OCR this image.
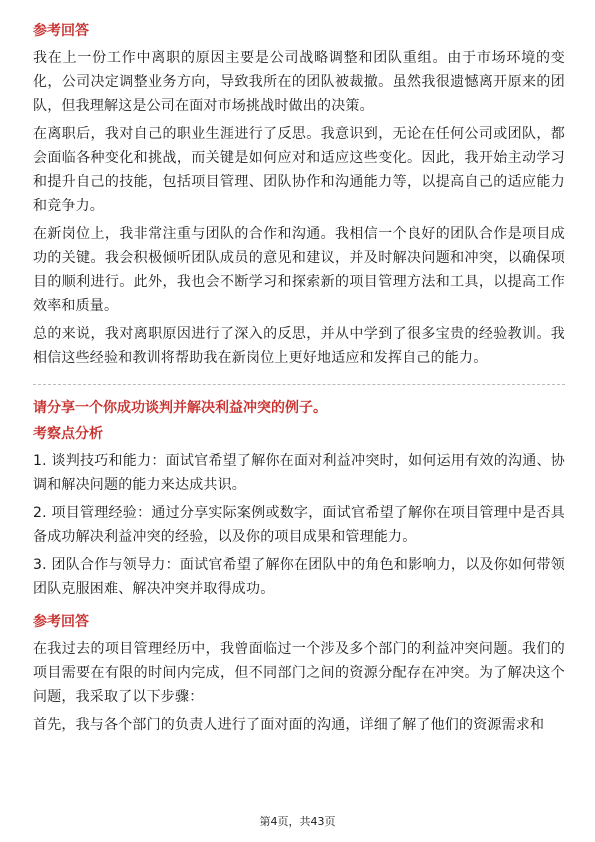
参考回答

我在上一份工作中离职的原因主要是公司战略调整和团队重组。由于市场环境的变化，公司决定调整业务方向，导致我所在的团队被裁撤。虽然我很遗憾离开原来的团队，但我理解这是公司在面对市场挑战时做出的决策。

在离职后，我对自己的职业生涯进行了反思。我意识到，无论在任何公司或团队，都会面临各种变化和挑战，而关键是如何应对和适应这些变化。因此，我开始主动学习和提升自己的技能，包括项目管理、团队协作和沟通能力等，以提高自己的适应能力和竞争力。

在新岗位上，我非常注重与团队的合作和沟通。我相信一个良好的团队合作是项目成功的关键。我会积极倾听团队成员的意见和建议，并及时解决问题和冲突，以确保项目的顺利进行。此外，我也会不断学习和探索新的项目管理方法和工具，以提高工作效率和质量。

总的来说，我对离职原因进行了深入的反思，并从中学到了很多宝贵的经验教训。我相信这些经验和教训将帮助我在新岗位上更好地适应和发挥自己的能力。

请分享一个你成功谈判并解决利益冲突的例子。
考察点分析

1. 谈判技巧和能力：面试官希望了解你在面对利益冲突时，如何运用有效的沟通、协调和解决问题的能力来达成共识。

2. 项目管理经验：通过分享实际案例或数字，面试官希望了解你在项目管理中是否具备成功解决利益冲突的经验，以及你的项目成果和管理能力。

3. 团队合作与领导力：面试官希望了解你在团队中的角色和影响力，以及你如何带领团队克服困难、解决冲突并取得成功。

参考回答

在我过去的项目管理经历中，我曾面临过一个涉及多个部门的利益冲突问题。我们的项目需要在有限的时间内完成，但不同部门之间的资源分配存在冲突。为了解决这个问题，我采取了以下步骤：

首先，我与各个部门的负责人进行了面对面的沟通，详细了解了他们的资源需求和

第4页，共43页
